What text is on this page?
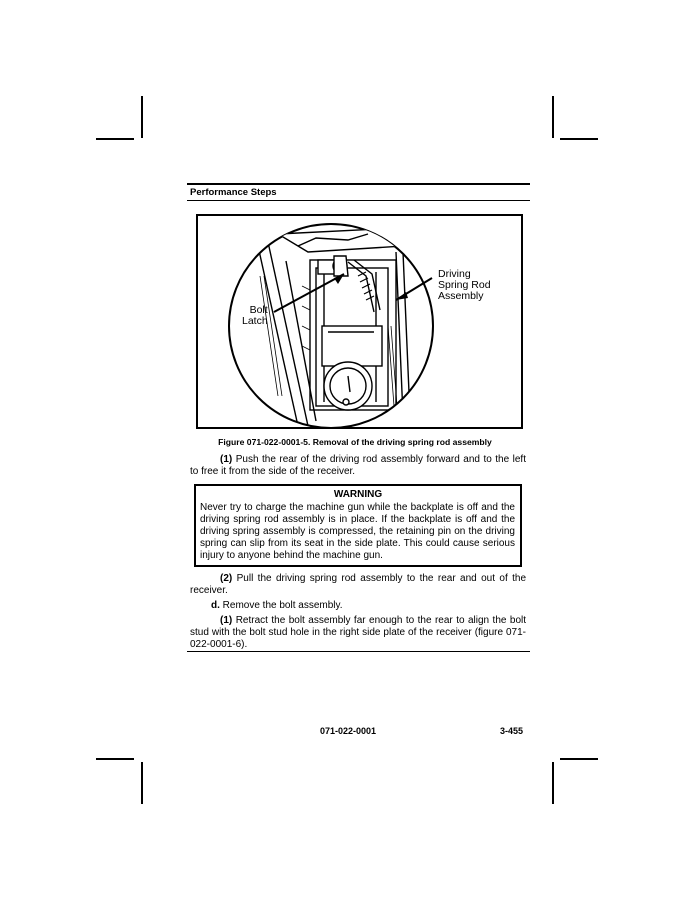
Performance Steps
Driving
Spring Rod
Assembly
Bolt
Latch
Figure 071-022-0001-5. Removal of the driving spring rod assembly

(1) Push the rear of the driving rod assembly forward and to the left to free it from the side of the receiver.

WARNING
Never try to charge the machine gun while the backplate is off and the driving spring rod assembly is in place. If the backplate is off and the driving spring assembly is compressed, the retaining pin on the driving spring can slip from its seat in the side plate. This could cause serious injury to anyone behind the machine gun.

(2) Pull the driving spring rod assembly to the rear and out of the receiver.

d. Remove the bolt assembly.

(1) Retract the bolt assembly far enough to the rear to align the bolt stud with the bolt stud hole in the right side plate of the receiver (figure 071-022-0001-6).

071-022-0001	3-455
